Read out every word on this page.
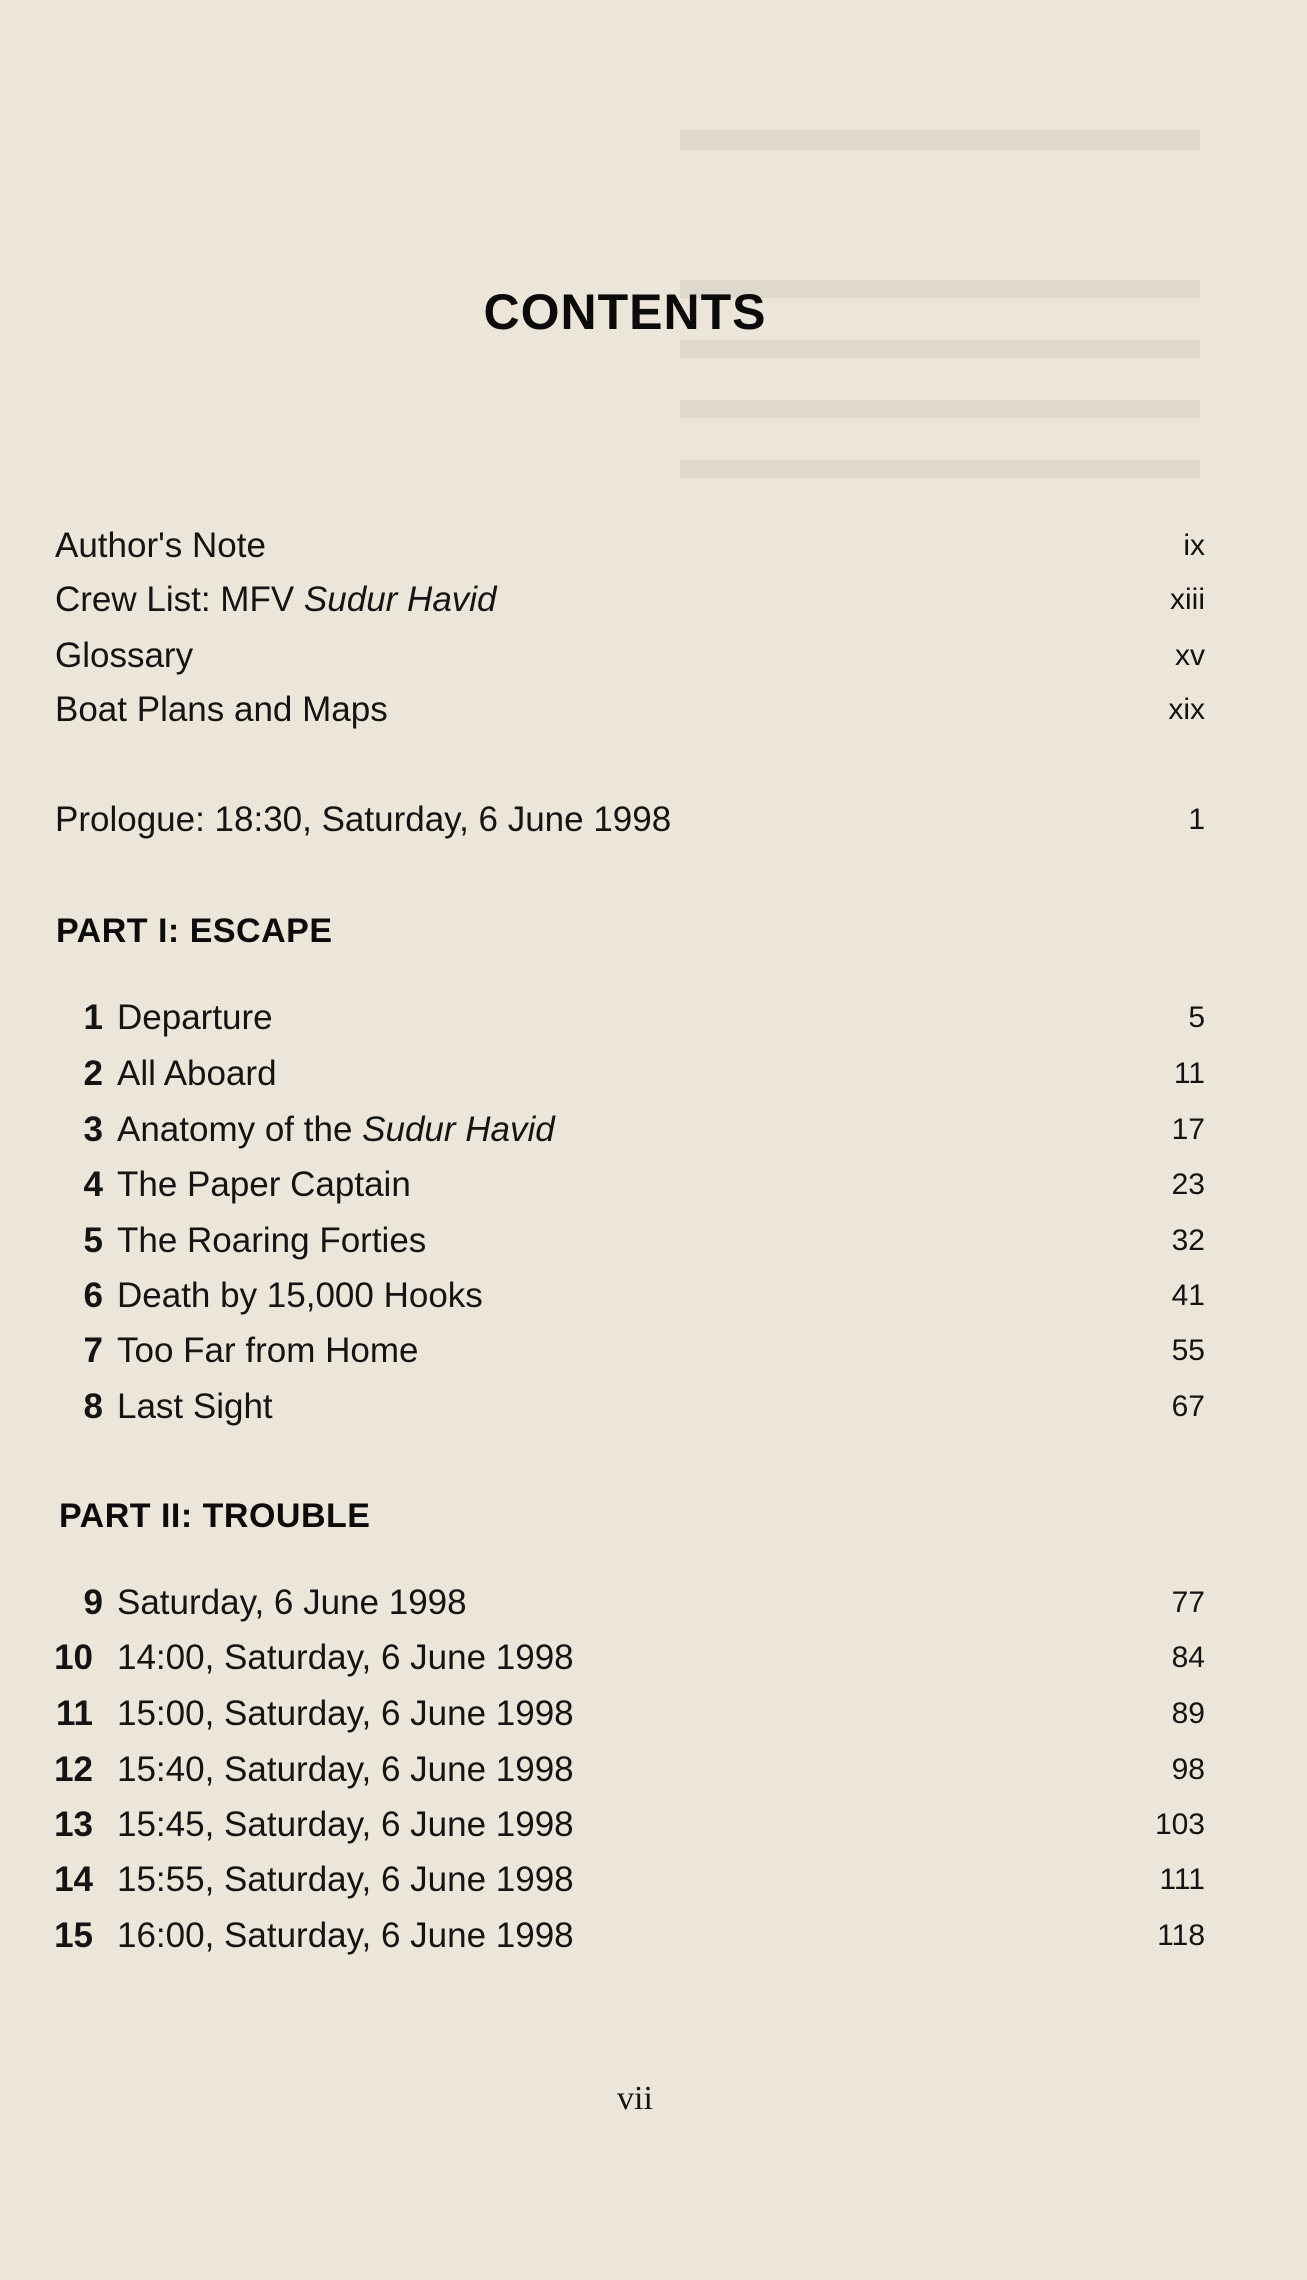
CONTENTS
Author's Note	ix
Crew List: MFV Sudur Havid	xiii
Glossary	xv
Boat Plans and Maps	xix
Prologue: 18:30, Saturday, 6 June 1998	1
PART I: ESCAPE
1 Departure	5
2 All Aboard	11
3 Anatomy of the Sudur Havid	17
4 The Paper Captain	23
5 The Roaring Forties	32
6 Death by 15,000 Hooks	41
7 Too Far from Home	55
8 Last Sight	67
PART II: TROUBLE
9 Saturday, 6 June 1998	77
10 14:00, Saturday, 6 June 1998	84
11 15:00, Saturday, 6 June 1998	89
12 15:40, Saturday, 6 June 1998	98
13 15:45, Saturday, 6 June 1998	103
14 15:55, Saturday, 6 June 1998	111
15 16:00, Saturday, 6 June 1998	118
vii
